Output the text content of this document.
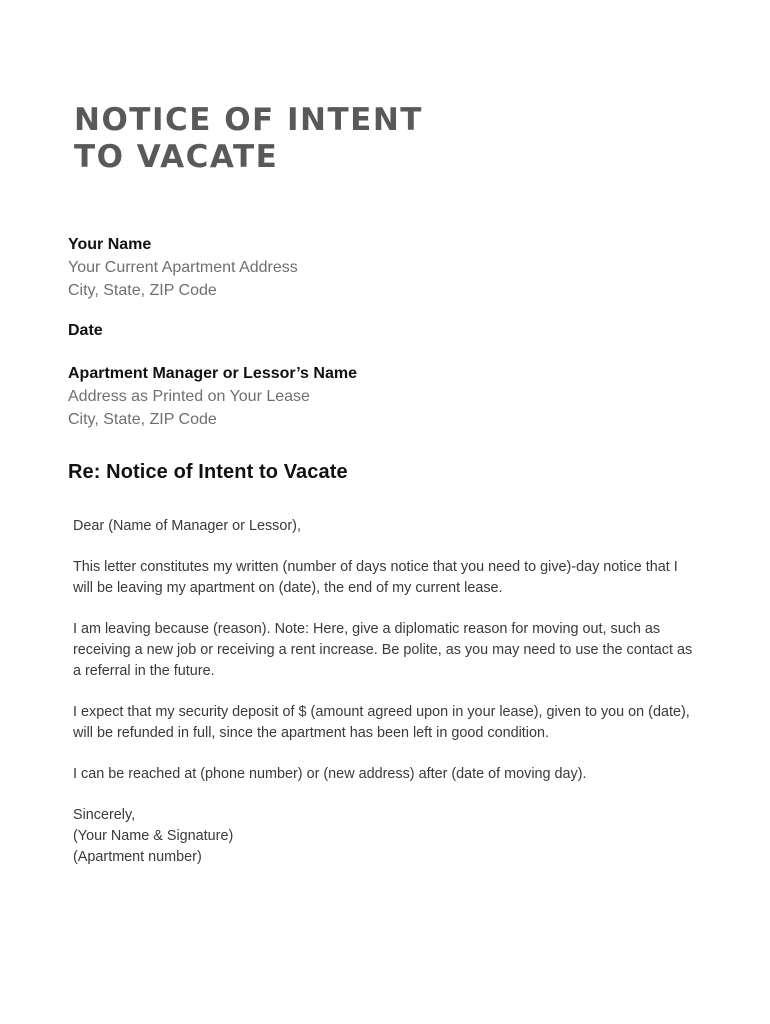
NOTICE OF INTENT
TO VACATE
Your Name
Your Current Apartment Address
City, State, ZIP Code
Date
Apartment Manager or Lessor’s Name
Address as Printed on Your Lease
City, State, ZIP Code
Re: Notice of Intent to Vacate

Dear (Name of Manager or Lessor),

This letter constitutes my written (number of days notice that you need to give)-day notice that I will be leaving my apartment on (date), the end of my current lease.

I am leaving because (reason). Note: Here, give a diplomatic reason for moving out, such as receiving a new job or receiving a rent increase. Be polite, as you may need to use the contact as a referral in the future.

I expect that my security deposit of $ (amount agreed upon in your lease), given to you on (date), will be refunded in full, since the apartment has been left in good condition.

I can be reached at (phone number) or (new address) after (date of moving day).

Sincerely,
(Your Name & Signature)
(Apartment number)
